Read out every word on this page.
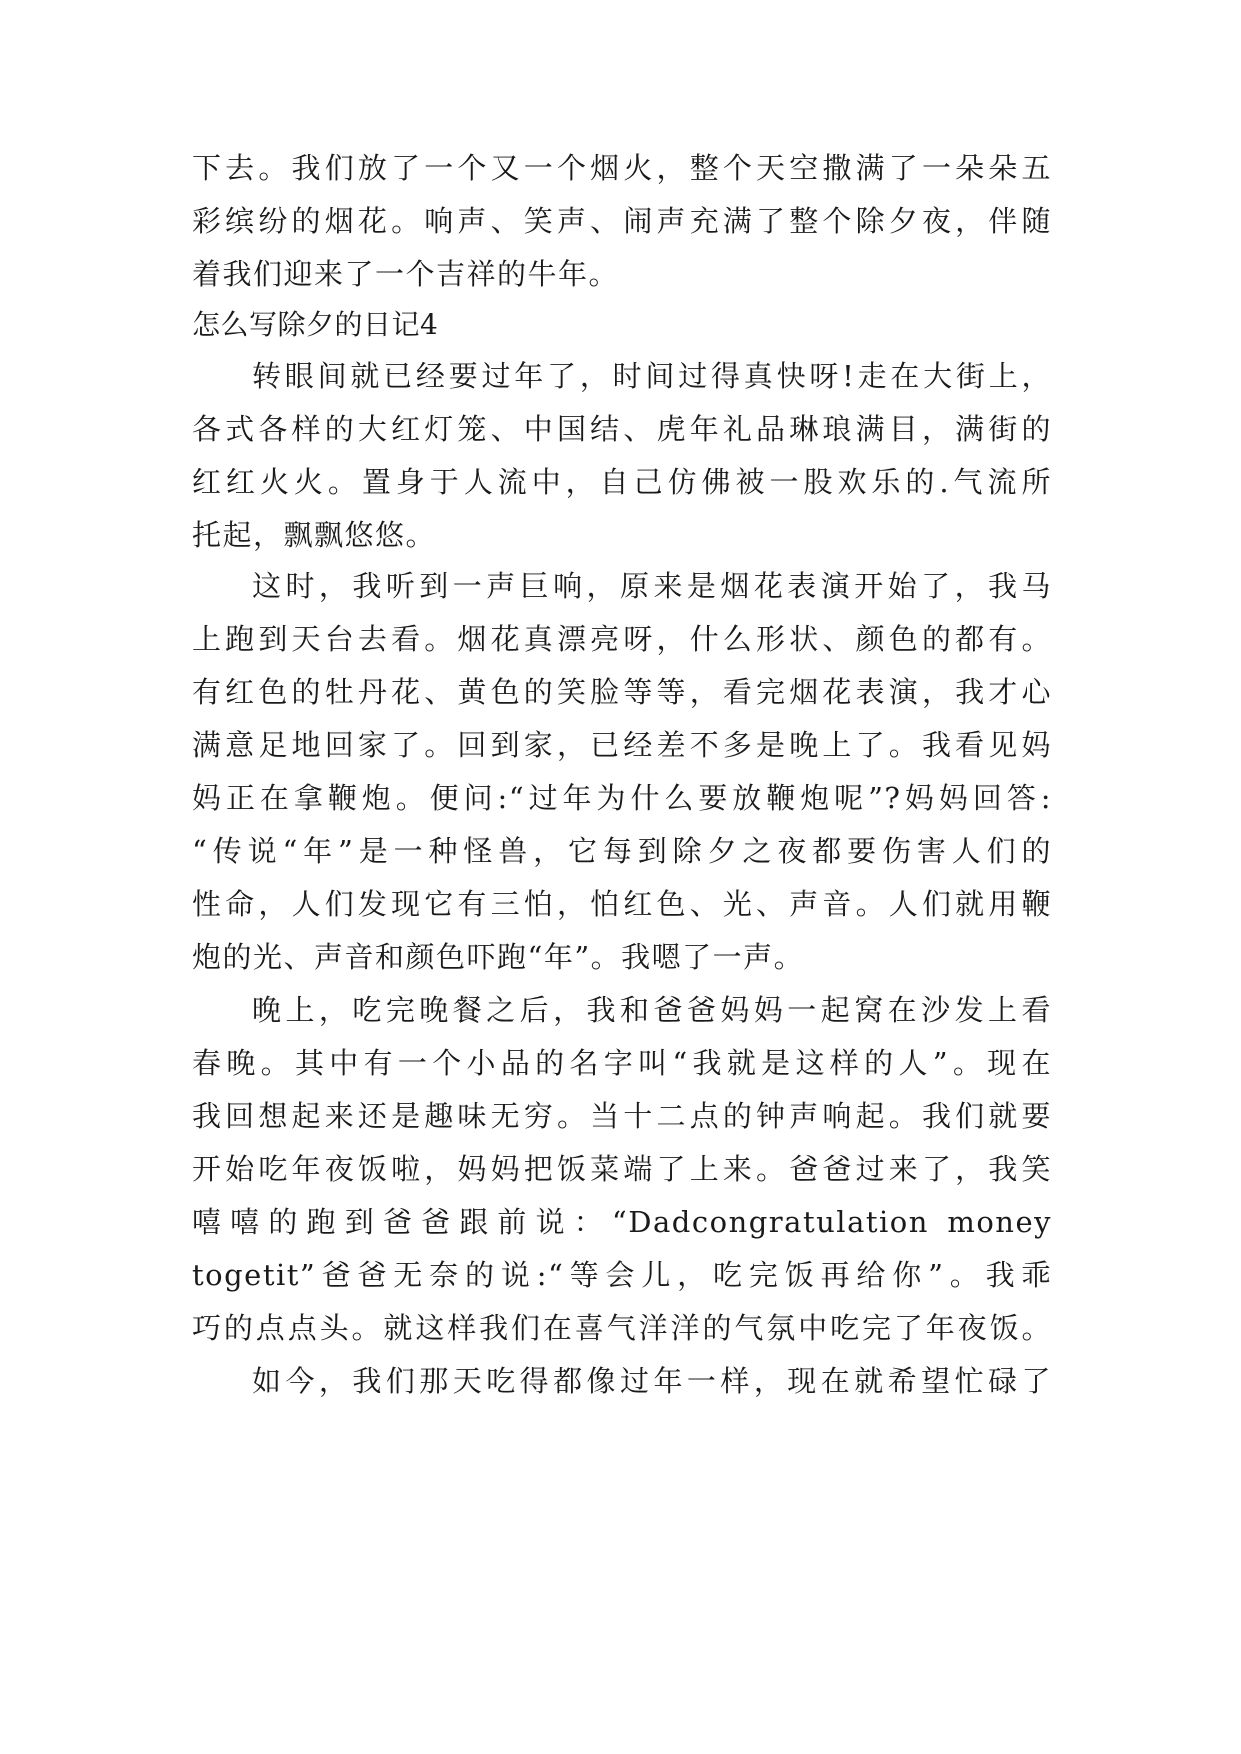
下去。我们放了一个又一个烟火，整个天空撒满了一朵朵五
彩缤纷的烟花。响声、笑声、闹声充满了整个除夕夜，伴随
着我们迎来了一个吉祥的牛年。
怎么写除夕的日记4
转眼间就已经要过年了，时间过得真快呀!走在大街上，
各式各样的大红灯笼、中国结、虎年礼品琳琅满目，满街的
红红火火。置身于人流中，自己仿佛被一股欢乐的.气流所
托起，飘飘悠悠。
这时，我听到一声巨响，原来是烟花表演开始了，我马
上跑到天台去看。烟花真漂亮呀，什么形状、颜色的都有。
有红色的牡丹花、黄色的笑脸等等，看完烟花表演，我才心
满意足地回家了。回到家，已经差不多是晚上了。我看见妈
妈正在拿鞭炮。便问:“过年为什么要放鞭炮呢”?妈妈回答:
“传说“年”是一种怪兽，它每到除夕之夜都要伤害人们的
性命，人们发现它有三怕，怕红色、光、声音。人们就用鞭
炮的光、声音和颜色吓跑“年”。我嗯了一声。
晚上，吃完晚餐之后，我和爸爸妈妈一起窝在沙发上看
春晚。其中有一个小品的名字叫“我就是这样的人”。现在
我回想起来还是趣味无穷。当十二点的钟声响起。我们就要
开始吃年夜饭啦，妈妈把饭菜端了上来。爸爸过来了，我笑
嘻嘻的跑到爸爸跟前说：“Dadcongratulation money
togetit”爸爸无奈的说:“等会儿，吃完饭再给你”。我乖
巧的点点头。就这样我们在喜气洋洋的气氛中吃完了年夜饭。
如今，我们那天吃得都像过年一样，现在就希望忙碌了
